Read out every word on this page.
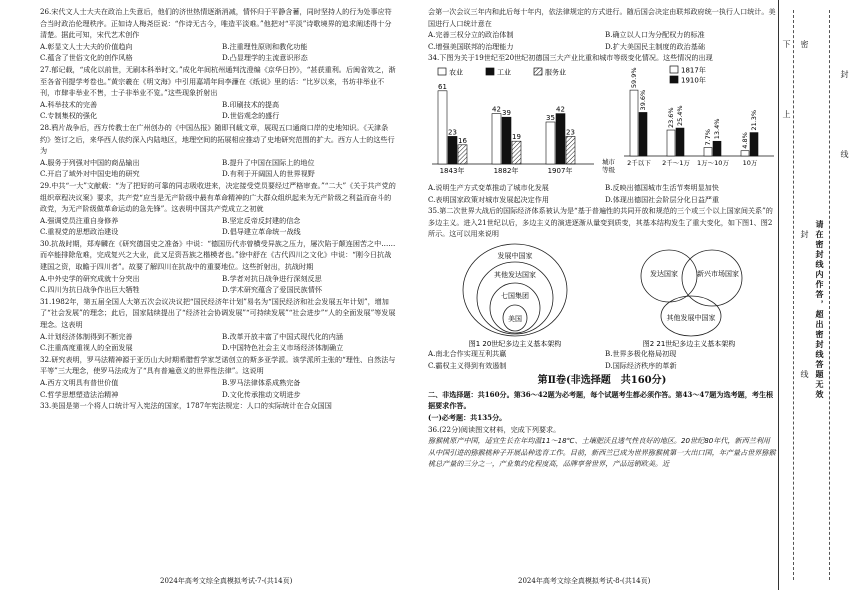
26.宋代文人士大夫在政治上失意后，他们的济世热情逐渐消减，情怀归于平静含蓄，同时坚持人的行为处事应符合当时政治伦理秩序。正如诗人梅尧臣说：“作诗无古今，唯造平淡难。”他把对“平淡”诗歌境界的追求阐述得十分清楚。据此可知，宋代艺术创作

A.彰显文人士大夫的价值趋向	B.注重理性原则和教化功能
C.蕴含了世俗文化的创作风格	D.凸显理学的主流意识形态

27.郁记载，“成化以前世，无刷本科举时文。”成化年间杭州通判沈澄编《京华日抄》，“甚获重利。后闽省效之，渐至各省刊提学考卷也。”黄宗羲在《明文海》中引用嘉靖年间李濂在《纸说》里的话：“比岁以来，书坊非举业不刊，市肆非举业不售，士子非举业不览。”这些现象折射出

A.科举技术的完善	B.印刷技术的提高
C.专制集权的强化	D.世俗观念的盛行

28.鸦片战争后，西方传教士在广州创办的《中国丛报》随即刊载文章，展现五口通商口岸的史地知识。《天津条约》签订之后，来华西人依约深入内陆地区，地理空间的拓展相应推动了史地研究范围的扩大。西方人士的这些行为

A.服务于列强对中国的商品输出	B.提升了中国在国际上的地位
C.开启了域外对中国史地的研究	D.有利于开阔国人的世界视野

29.中共“一大”文献载：“为了把好的可靠的同志吸收进来，决定接受党员要经过严格审查。”“二大”《关于共产党的组织章程决议案》要求，共产党“应当是无产阶级中最有革命精神的广大群众组织起来为无产阶级之利益而奋斗的政党，为无产阶级做革命运动的急先锋”。这表明中国共产党成立之初就

A.强调党员注重自身修养	B.坚定反帝反封建的信念
C.重视党的思想政治建设	D.倡导建立革命统一战线

30.抗战时期，郑寿麟在《研究德国史之准备》中说：“德国历代亦曾横受异族之压力，屡次陷于颠连困苦之中……而卒能排除危难，完成复兴之大业，此又足资吾族之楷模者也。”徐中舒在《古代四川之文化》中说：“刚今日抗战建国之资，取瞻于四川者”。故要了解四川在抗战中的重要地位。这些折射出，抗战时期

A.中外史学的研究成就十分突出	B.学者对抗日战争进行深刻反思
C.四川为抗日战争作出巨大牺牲	D.学术研究蕴含了爱国民族情怀

31.1982年，第五届全国人大第五次会议决议把“国民经济年计划”易名为“国民经济和社会发展五年计划”，增加了“社会发展”的理念；此后，国家陆续提出了“经济社会协调发展”“可持续发展”“社会进步”“人的全面发展”等发展理念。这表明

A.计划经济体制得到不断完善	B.改革开放丰富了中国式现代化的内涵
C.注重高度重视人的全面发展	D.中国特色社会主义市场经济体制确立

32.研究表明，罗马法精神源于亚历山大时期希腊哲学家芝诺创立的斯多亚学派。该学派所主张的“理性、自然法与平等”三大理念，使罗马法成为了“具有普遍意义的世界性法律”。这说明

A.西方文明具有普世价值	B.罗马法律体系成熟完备
C.哲学思想塑造法治精神	D.文化传承推动文明进步

33.美国是第一个将人口统计写入宪法的国家，1787年宪法规定：人口的实际统计在合众国国

2024年高考文综全真模拟考试-7-(共14页)

会第一次会议三年内和此后每十年内，依法律规定的方式进行。随后国会决定由联邦政府统一执行人口统计。美国进行人口统计意在

A.完善三权分立的政治体制	B.确立以人口为分配权力的标准
C.增强美国联邦的治理能力	D.扩大美国民主制度的政治基础

34.下图为关于19世纪至20世纪初德国三大产业比重和城市等级变化情况。这些情况的出现

农业	工业	服务业
61
23
16
1843年
42 39
19
1882年
35
42
23
1907年
1817年
1910年
城市
等级
59.9%
39.6%
2千以下
23.6% 25.4%
2千～1万
7.7% 13.4%
1万～10万
4.8%
21.3%
10万
A.说明生产方式变革推动了城市化发展	B.反映出德国城市生活节奏明显加快
C.表明国家政策对城市发展起决定作用	D.体现出德国社会阶层分化日益严重

35.第二次世界大战后的国际经济体系被认为是“基于普遍性的共同开放和规范的三个或三个以上国家间关系”的多边主义。进入21世纪以后，多边主义的演进逐渐从量变到质变，其基本结构发生了重大变化，如下图1、图2所示。这可以用来说明

发展中国家
其他发达国家
七国集团
美国
图1 20世纪多边主义基本架构
发达国家	新兴市场国家
其他发展中国家
图2 21世纪多边主义基本架构
A.南北合作实现互利共赢	B.世界多极化格局初现
C.霸权主义得到有效遏制	D.国际经济秩序的革新
第Ⅱ卷(非选择题　共160分)

二、非选择题：共160分。第36～42题为必考题，每个试题考生都必须作答。第43～47题为选考题，考生根据要求作答。

(一)必考题：共135分。

36.(22分)阅读图文材料，完成下列要求。

猕猴桃原产中国，适宜生长在年均温11～18℃、土壤肥沃且透气性良好的地区。20世纪80年代，新西兰利用从中国引进的猕猴桃种子开展品种选育工作。目前，新西兰已成为世界猕猴桃第一大出口国，年产量占世界猕猴桃总产量的三分之一，产业集约化程度高，品牌享誉世界，产品远销欧美。近

2024年高考文综全真模拟考试-8-(共14页)
下　　　　　　上 密　　　　　　　　　　　　　　　　　　封　　　　　　　　　　　　　线 请在密封线内作答，超出密封线答题无效
　　　封　　　　　　　线
